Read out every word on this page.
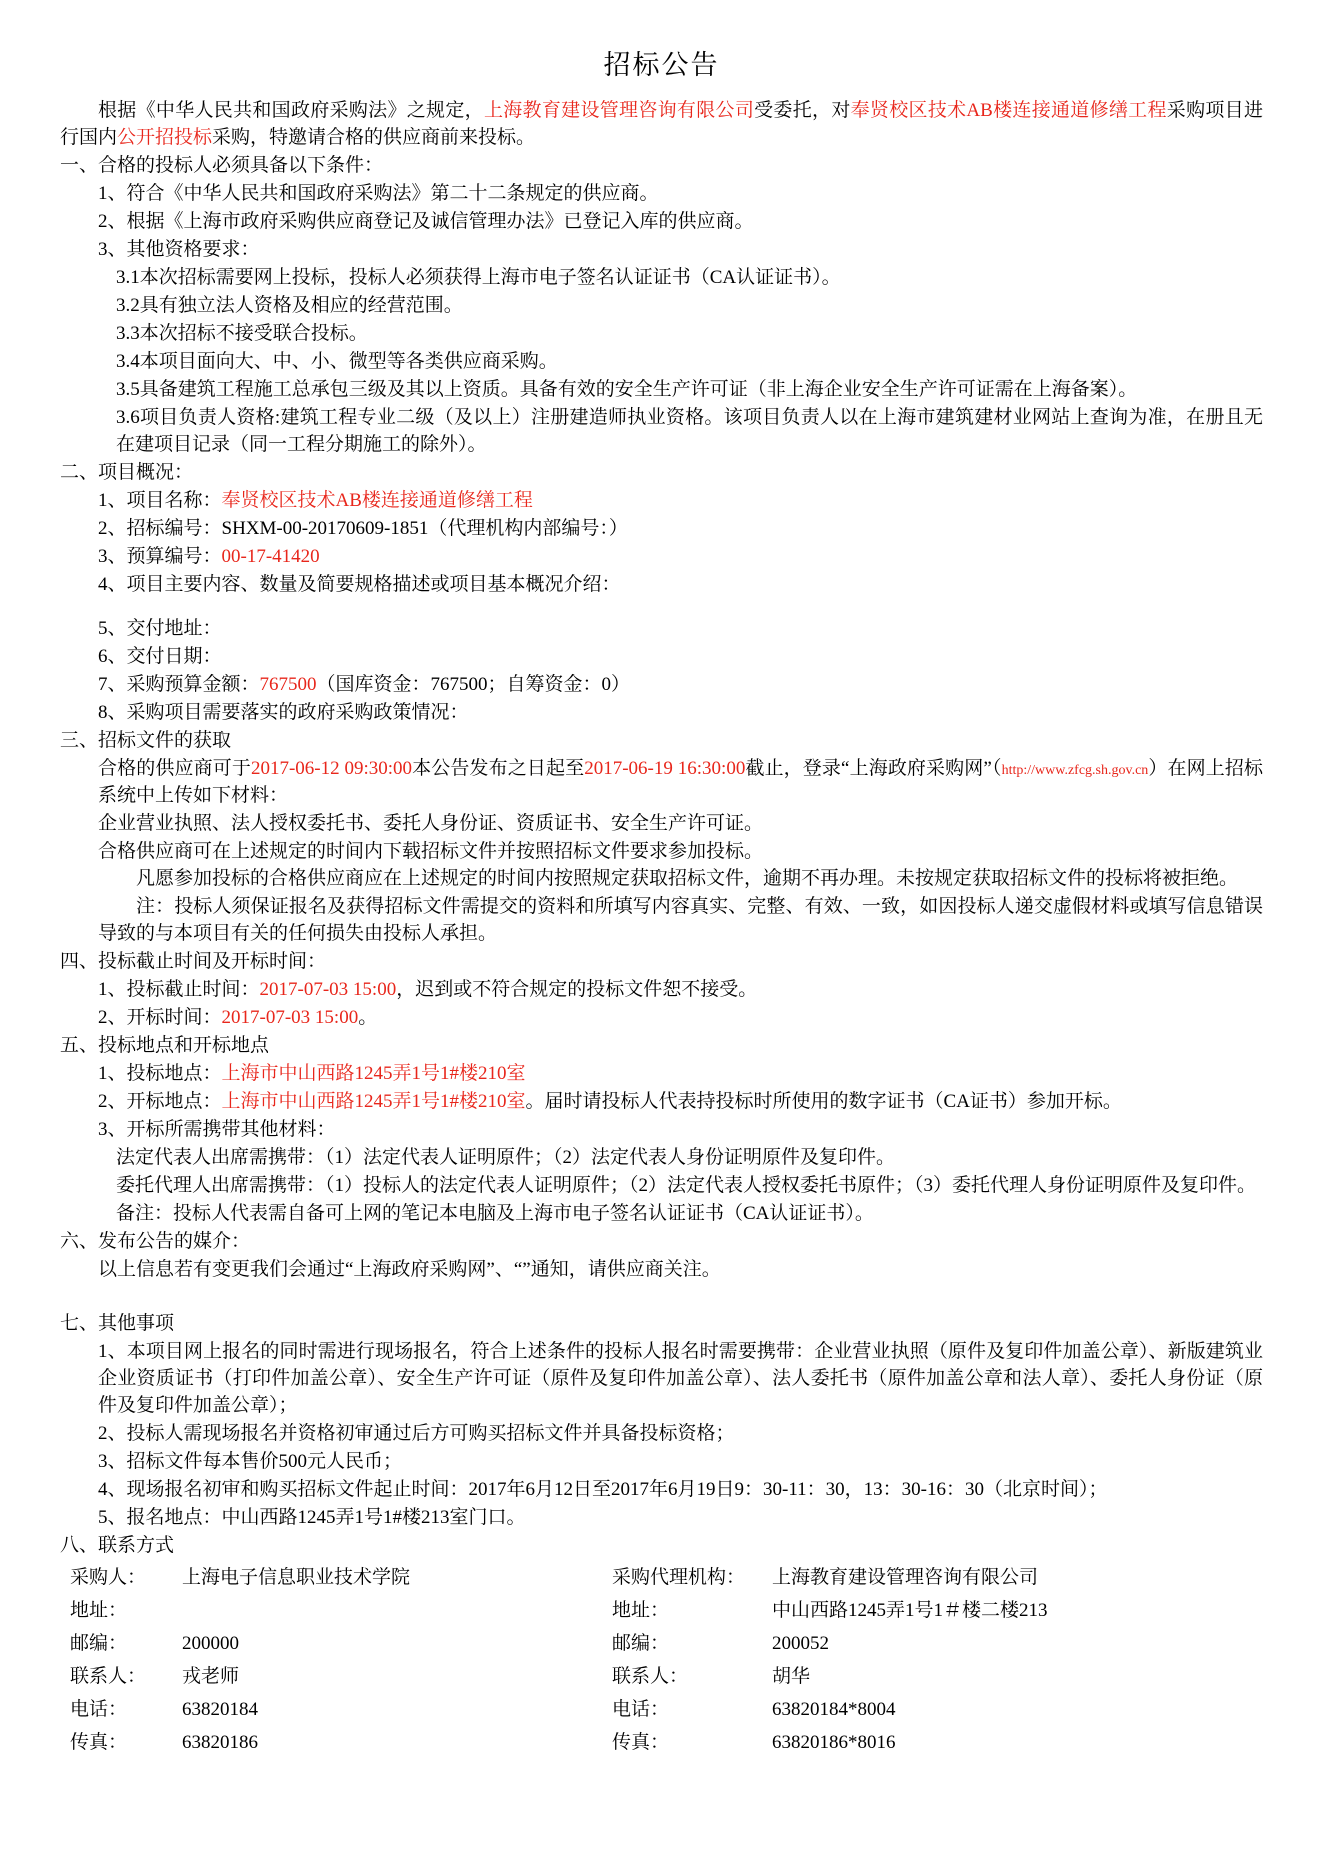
招标公告

根据《中华人民共和国政府采购法》之规定，上海教育建设管理咨询有限公司受委托，对奉贤校区技术AB楼连接通道修缮工程采购项目进行国内公开招投标采购，特邀请合格的供应商前来投标。

一、合格的投标人必须具备以下条件：

1、符合《中华人民共和国政府采购法》第二十二条规定的供应商。

2、根据《上海市政府采购供应商登记及诚信管理办法》已登记入库的供应商。

3、其他资格要求：

3.1本次招标需要网上投标，投标人必须获得上海市电子签名认证证书（CA认证证书）。

3.2具有独立法人资格及相应的经营范围。

3.3本次招标不接受联合投标。

3.4本项目面向大、中、小、微型等各类供应商采购。

3.5具备建筑工程施工总承包三级及其以上资质。具备有效的安全生产许可证（非上海企业安全生产许可证需在上海备案）。

3.6项目负责人资格:建筑工程专业二级（及以上）注册建造师执业资格。该项目负责人以在上海市建筑建材业网站上查询为准，在册且无在建项目记录（同一工程分期施工的除外）。

二、项目概况：

1、项目名称：奉贤校区技术AB楼连接通道修缮工程

2、招标编号：SHXM-00-20170609-1851（代理机构内部编号：）

3、预算编号：00-17-41420

4、项目主要内容、数量及简要规格描述或项目基本概况介绍：

5、交付地址：

6、交付日期：

7、采购预算金额：767500（国库资金：767500；自筹资金：0）

8、采购项目需要落实的政府采购政策情况：

三、招标文件的获取

合格的供应商可于2017-06-12 09:30:00本公告发布之日起至2017-06-19 16:30:00截止，登录“上海政府采购网”（http://www.zfcg.sh.gov.cn）在网上招标系统中上传如下材料：

企业营业执照、法人授权委托书、委托人身份证、资质证书、安全生产许可证。

合格供应商可在上述规定的时间内下载招标文件并按照招标文件要求参加投标。

凡愿参加投标的合格供应商应在上述规定的时间内按照规定获取招标文件，逾期不再办理。未按规定获取招标文件的投标将被拒绝。

注：投标人须保证报名及获得招标文件需提交的资料和所填写内容真实、完整、有效、一致，如因投标人递交虚假材料或填写信息错误导致的与本项目有关的任何损失由投标人承担。

四、投标截止时间及开标时间：

1、投标截止时间：2017-07-03 15:00，迟到或不符合规定的投标文件恕不接受。

2、开标时间：2017-07-03 15:00。

五、投标地点和开标地点

1、投标地点：上海市中山西路1245弄1号1#楼210室

2、开标地点：上海市中山西路1245弄1号1#楼210室。届时请投标人代表持投标时所使用的数字证书（CA证书）参加开标。

3、开标所需携带其他材料：

法定代表人出席需携带：（1）法定代表人证明原件；（2）法定代表人身份证明原件及复印件。

委托代理人出席需携带：（1）投标人的法定代表人证明原件；（2）法定代表人授权委托书原件；（3）委托代理人身份证明原件及复印件。

备注：投标人代表需自备可上网的笔记本电脑及上海市电子签名认证证书（CA认证证书）。

六、发布公告的媒介：

以上信息若有变更我们会通过“上海政府采购网”、“”通知，请供应商关注。

七、其他事项

1、本项目网上报名的同时需进行现场报名，符合上述条件的投标人报名时需要携带：企业营业执照（原件及复印件加盖公章）、新版建筑业企业资质证书（打印件加盖公章）、安全生产许可证（原件及复印件加盖公章）、法人委托书（原件加盖公章和法人章）、委托人身份证（原件及复印件加盖公章）；

2、投标人需现场报名并资格初审通过后方可购买招标文件并具备投标资格；

3、招标文件每本售价500元人民币；

4、现场报名初审和购买招标文件起止时间：2017年6月12日至2017年6月19日9：30-11：30，13：30-16：30（北京时间）；

5、报名地点：中山西路1245弄1号1#楼213室门口。

八、联系方式

采购人：	上海电子信息职业技术学院	采购代理机构：	上海教育建设管理咨询有限公司
地址：		地址：	中山西路1245弄1号1＃楼二楼213
邮编：	200000	邮编：	200052
联系人：	戎老师	联系人：	胡华
电话：	63820184	电话：	63820184*8004
传真：	63820186	传真：	63820186*8016
